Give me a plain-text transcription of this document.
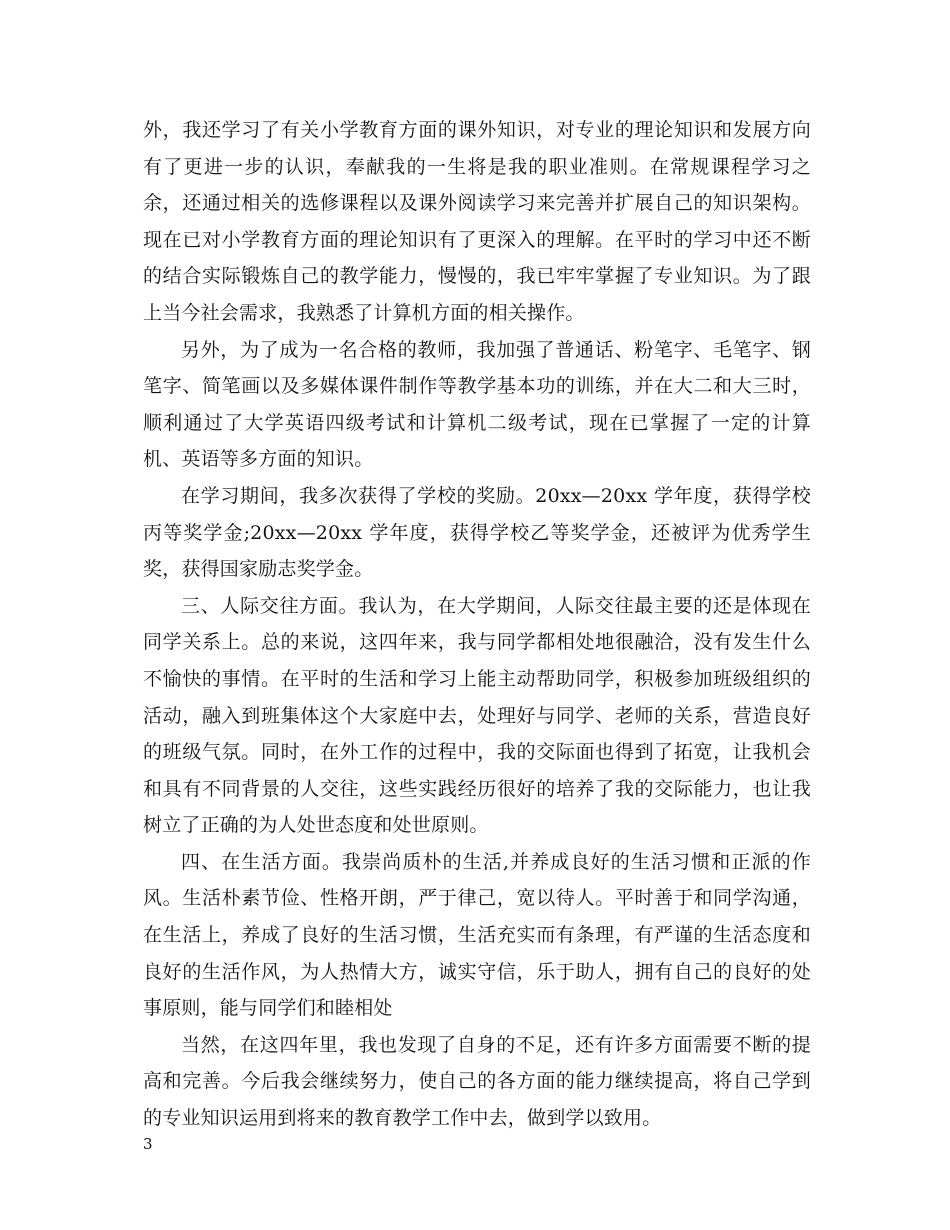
外，我还学习了有关小学教育方面的课外知识，对专业的理论知识和发展方向有了更进一步的认识，奉献我的一生将是我的职业准则。在常规课程学习之余，还通过相关的选修课程以及课外阅读学习来完善并扩展自己的知识架构。现在已对小学教育方面的理论知识有了更深入的理解。在平时的学习中还不断的结合实际锻炼自己的教学能力，慢慢的，我已牢牢掌握了专业知识。为了跟上当今社会需求，我熟悉了计算机方面的相关操作。

另外，为了成为一名合格的教师，我加强了普通话、粉笔字、毛笔字、钢笔字、简笔画以及多媒体课件制作等教学基本功的训练，并在大二和大三时，顺利通过了大学英语四级考试和计算机二级考试，现在已掌握了一定的计算机、英语等多方面的知识。

在学习期间，我多次获得了学校的奖励。20xx—20xx 学年度，获得学校丙等奖学金;20xx—20xx 学年度，获得学校乙等奖学金，还被评为优秀学生奖，获得国家励志奖学金。

三、人际交往方面。我认为，在大学期间，人际交往最主要的还是体现在同学关系上。总的来说，这四年来，我与同学都相处地很融洽，没有发生什么不愉快的事情。在平时的生活和学习上能主动帮助同学，积极参加班级组织的活动，融入到班集体这个大家庭中去，处理好与同学、老师的关系，营造良好的班级气氛。同时，在外工作的过程中，我的交际面也得到了拓宽，让我机会和具有不同背景的人交往，这些实践经历很好的培养了我的交际能力，也让我树立了正确的为人处世态度和处世原则。

四、在生活方面。我崇尚质朴的生活,并养成良好的生活习惯和正派的作风。生活朴素节俭、性格开朗，严于律己，宽以待人。平时善于和同学沟通，在生活上，养成了良好的生活习惯，生活充实而有条理，有严谨的生活态度和良好的生活作风，为人热情大方，诚实守信，乐于助人，拥有自己的良好的处事原则，能与同学们和睦相处

当然，在这四年里，我也发现了自身的不足，还有许多方面需要不断的提高和完善。今后我会继续努力，使自己的各方面的能力继续提高，将自己学到的专业知识运用到将来的教育教学工作中去，做到学以致用。

3
